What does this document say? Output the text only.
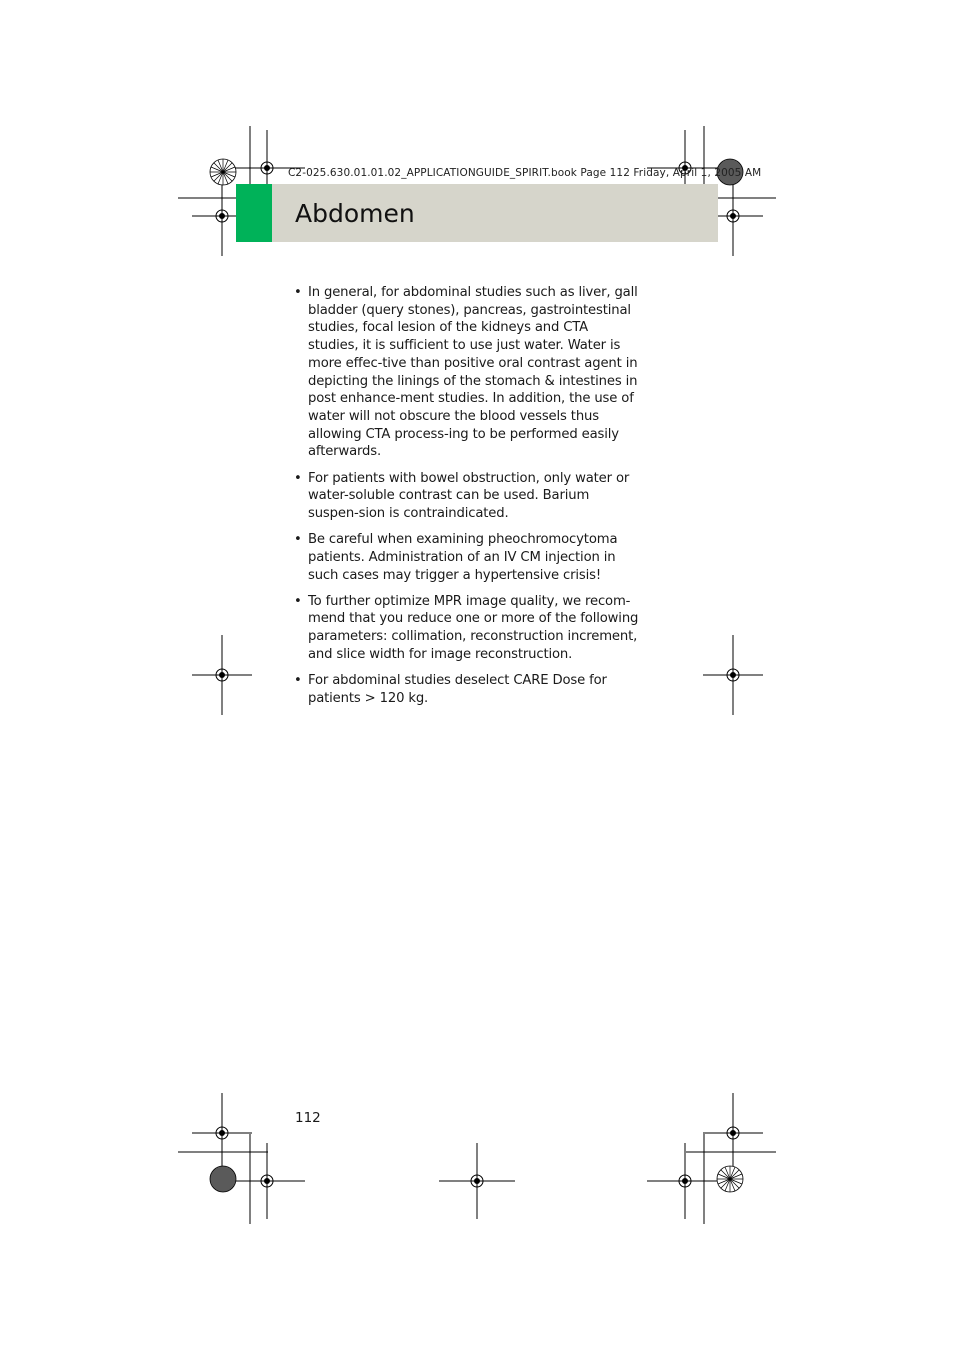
C2-025.630.01.01.02_APPLICATIONGUIDE_SPIRIT.book Page 112 Friday, April 1, 2005 AM
Abdomen
• In general, for abdominal studies such as liver, gall bladder (query stones), pancreas, gastrointestinal studies, focal lesion of the kidneys and CTA studies, it is sufficient to use just water. Water is more effec-tive than positive oral contrast agent in depicting the linings of the stomach & intestines in post enhance-ment studies. In addition, the use of water will not obscure the blood vessels thus allowing CTA process-ing to be performed easily afterwards.
• For patients with bowel obstruction, only water or water-soluble contrast can be used. Barium suspen-sion is contraindicated.
• Be careful when examining pheochromocytoma patients. Administration of an IV CM injection in such cases may trigger a hypertensive crisis!
• To further optimize MPR image quality, we recom-mend that you reduce one or more of the following parameters: collimation, reconstruction increment, and slice width for image reconstruction.
• For abdominal studies deselect CARE Dose for patients > 120 kg.
112
